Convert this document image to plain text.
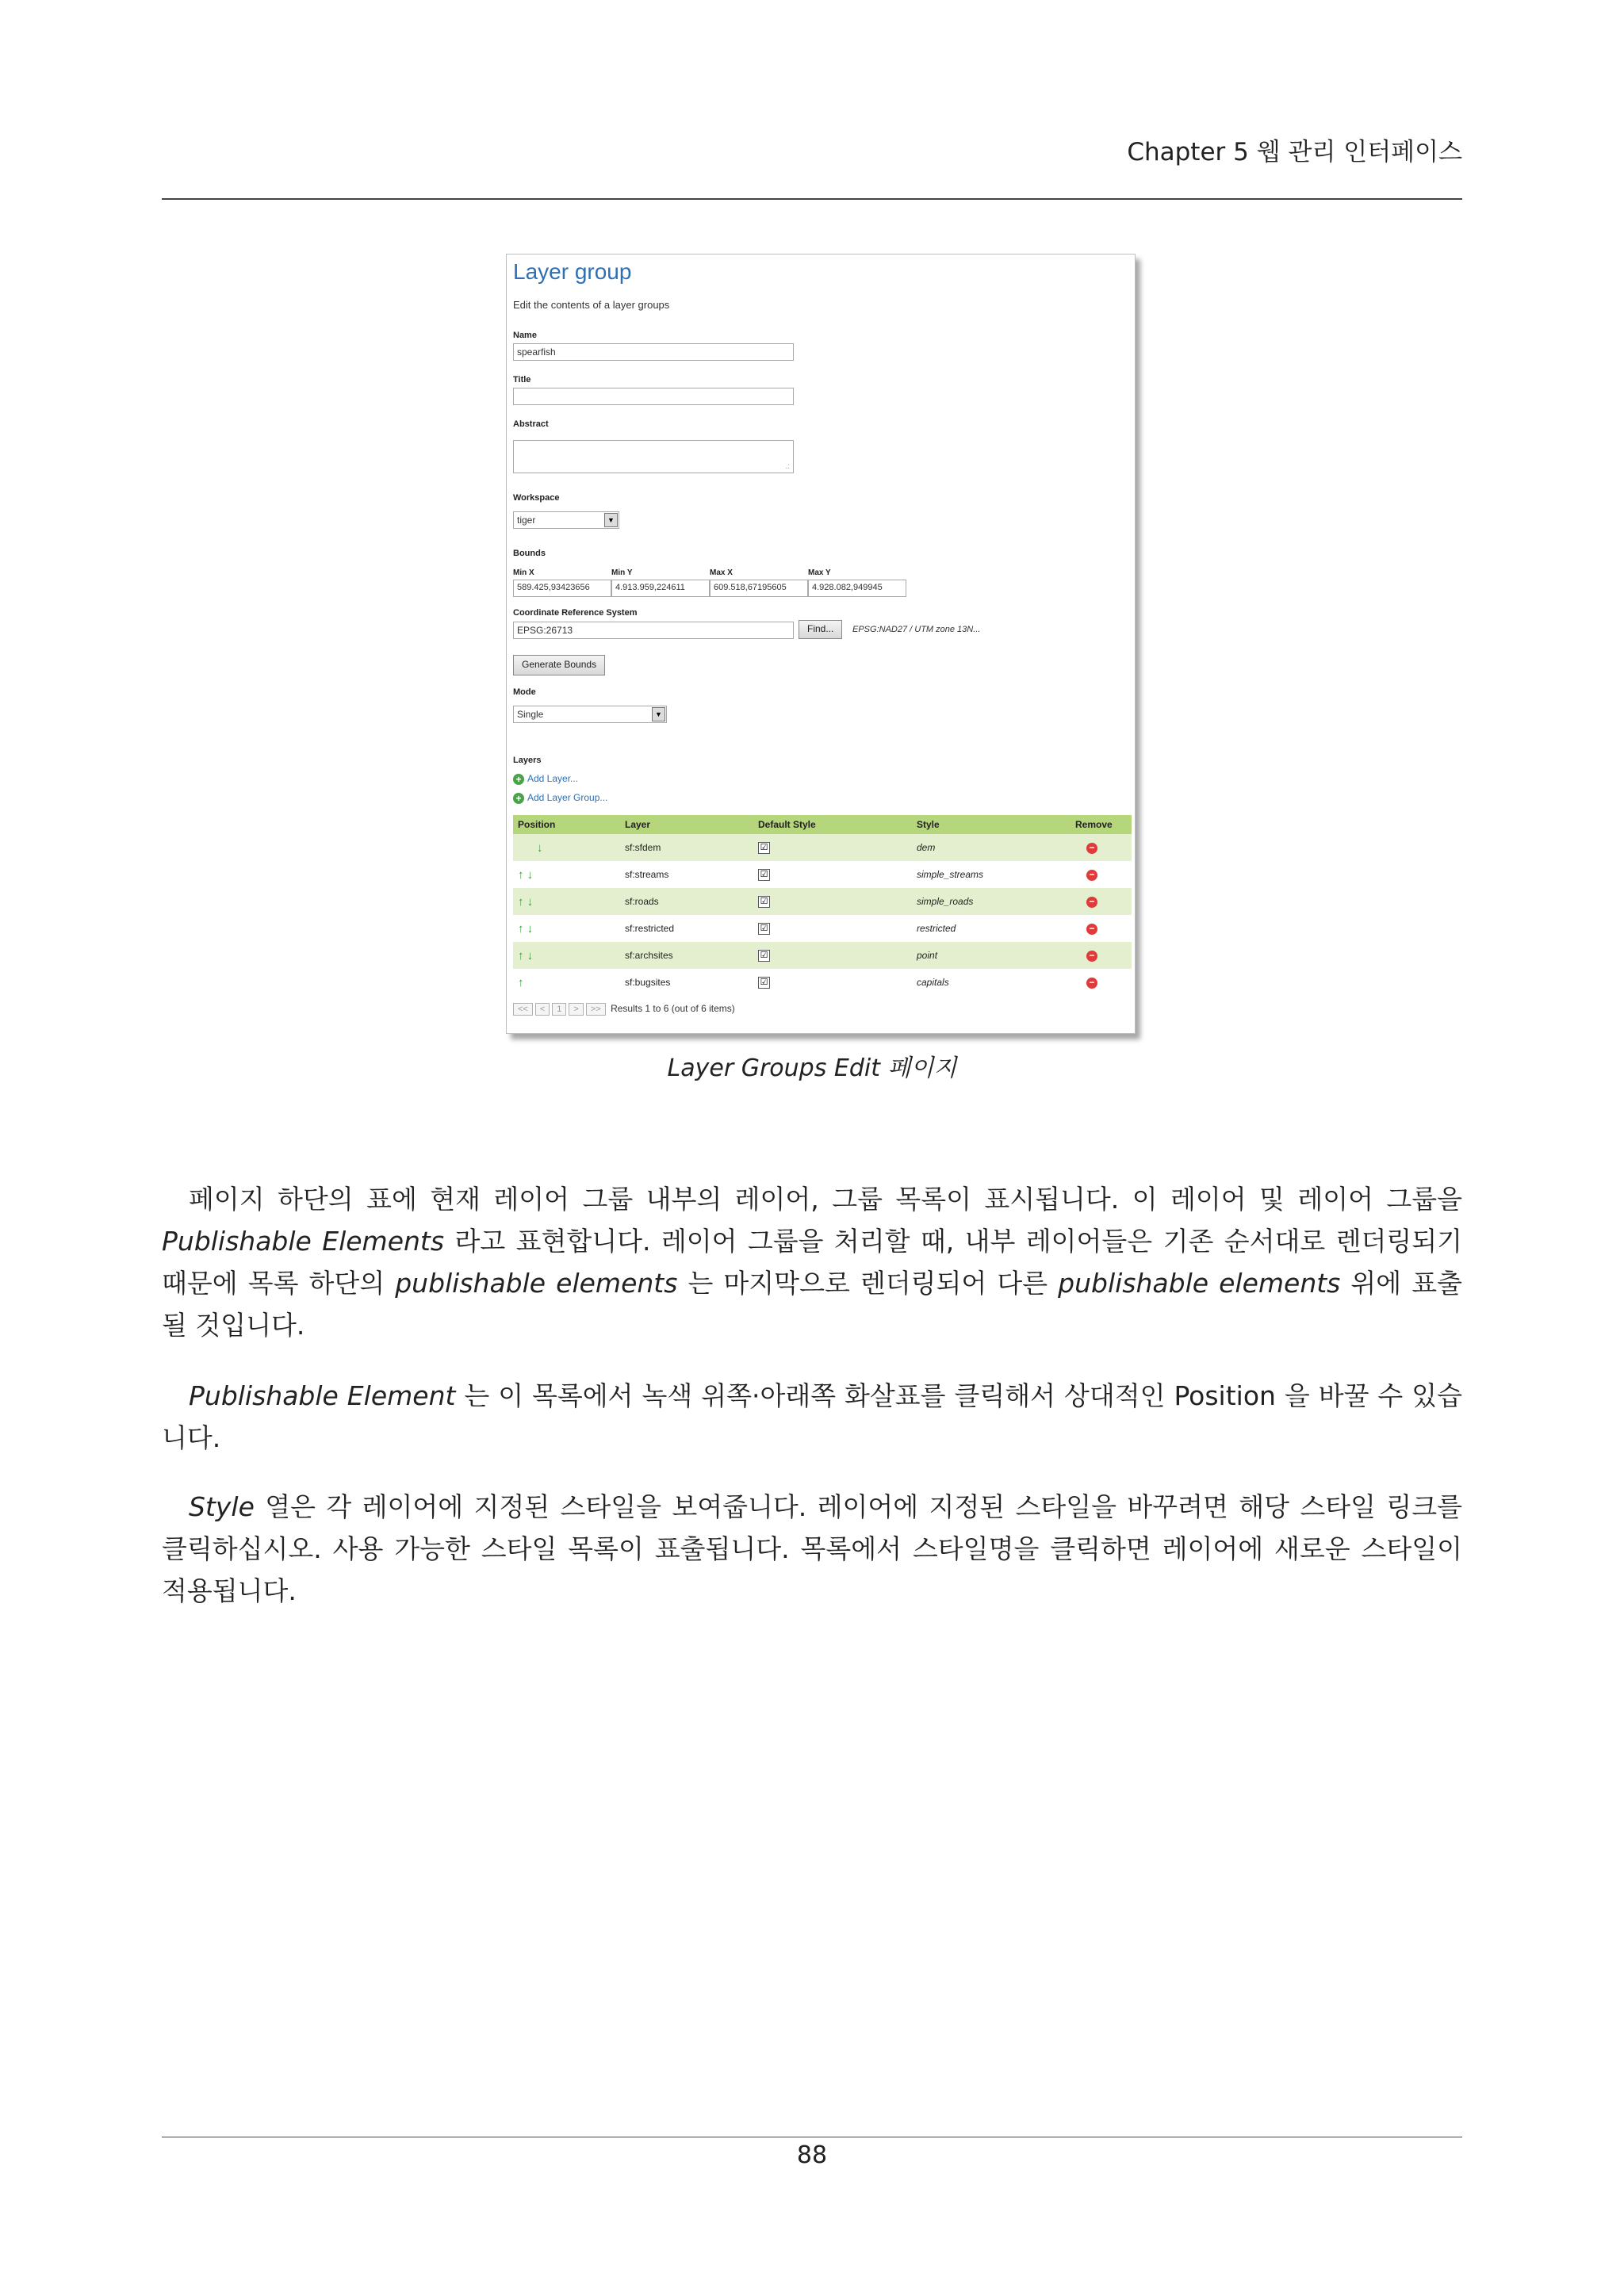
Chapter 5 웹 관리 인터페이스
Layer group
Edit the contents of a layer groups
Name
spearfish
Title
Abstract
.:
Workspace
tiger	▼
Bounds
Min X	Min Y	Max X	Max Y
589.425,93423656	4.913.959,224611	609.518,67195605	4.928.082,949945
Coordinate Reference System
EPSG:26713	Find...	EPSG:NAD27 / UTM zone 13N...
Generate Bounds
Mode
Single	▼
Layers
+ Add Layer...
+ Add Layer Group...
Position	Layer	Default Style	Style	Remove
↓	sf:sfdem	☑	dem	−
↑ ↓	sf:streams	☑	simple_streams	−
↑ ↓	sf:roads	☑	simple_roads	−
↑ ↓	sf:restricted	☑	restricted	−
↑ ↓	sf:archsites	☑	point	−
↑	sf:bugsites	☑	capitals	−
<< < 1 > >> Results 1 to 6 (out of 6 items)
Layer Groups Edit 페이지
페이지 하단의 표에 현재 레이어 그룹 내부의 레이어, 그룹 목록이 표시됩니다. 이 레이어 및 레이어 그룹을 Publishable Elements 라고 표현합니다. 레이어 그룹을 처리할 때, 내부 레이어들은 기존 순서대로 렌더링되기 때문에 목록 하단의 publishable elements 는 마지막으로 렌더링되어 다른 publishable elements 위에 표출될 것입니다.
Publishable Element 는 이 목록에서 녹색 위쪽·아래쪽 화살표를 클릭해서 상대적인 Position 을 바꿀 수 있습니다.
Style 열은 각 레이어에 지정된 스타일을 보여줍니다. 레이어에 지정된 스타일을 바꾸려면 해당 스타일 링크를 클릭하십시오. 사용 가능한 스타일 목록이 표출됩니다. 목록에서 스타일명을 클릭하면 레이어에 새로운 스타일이 적용됩니다.
88
